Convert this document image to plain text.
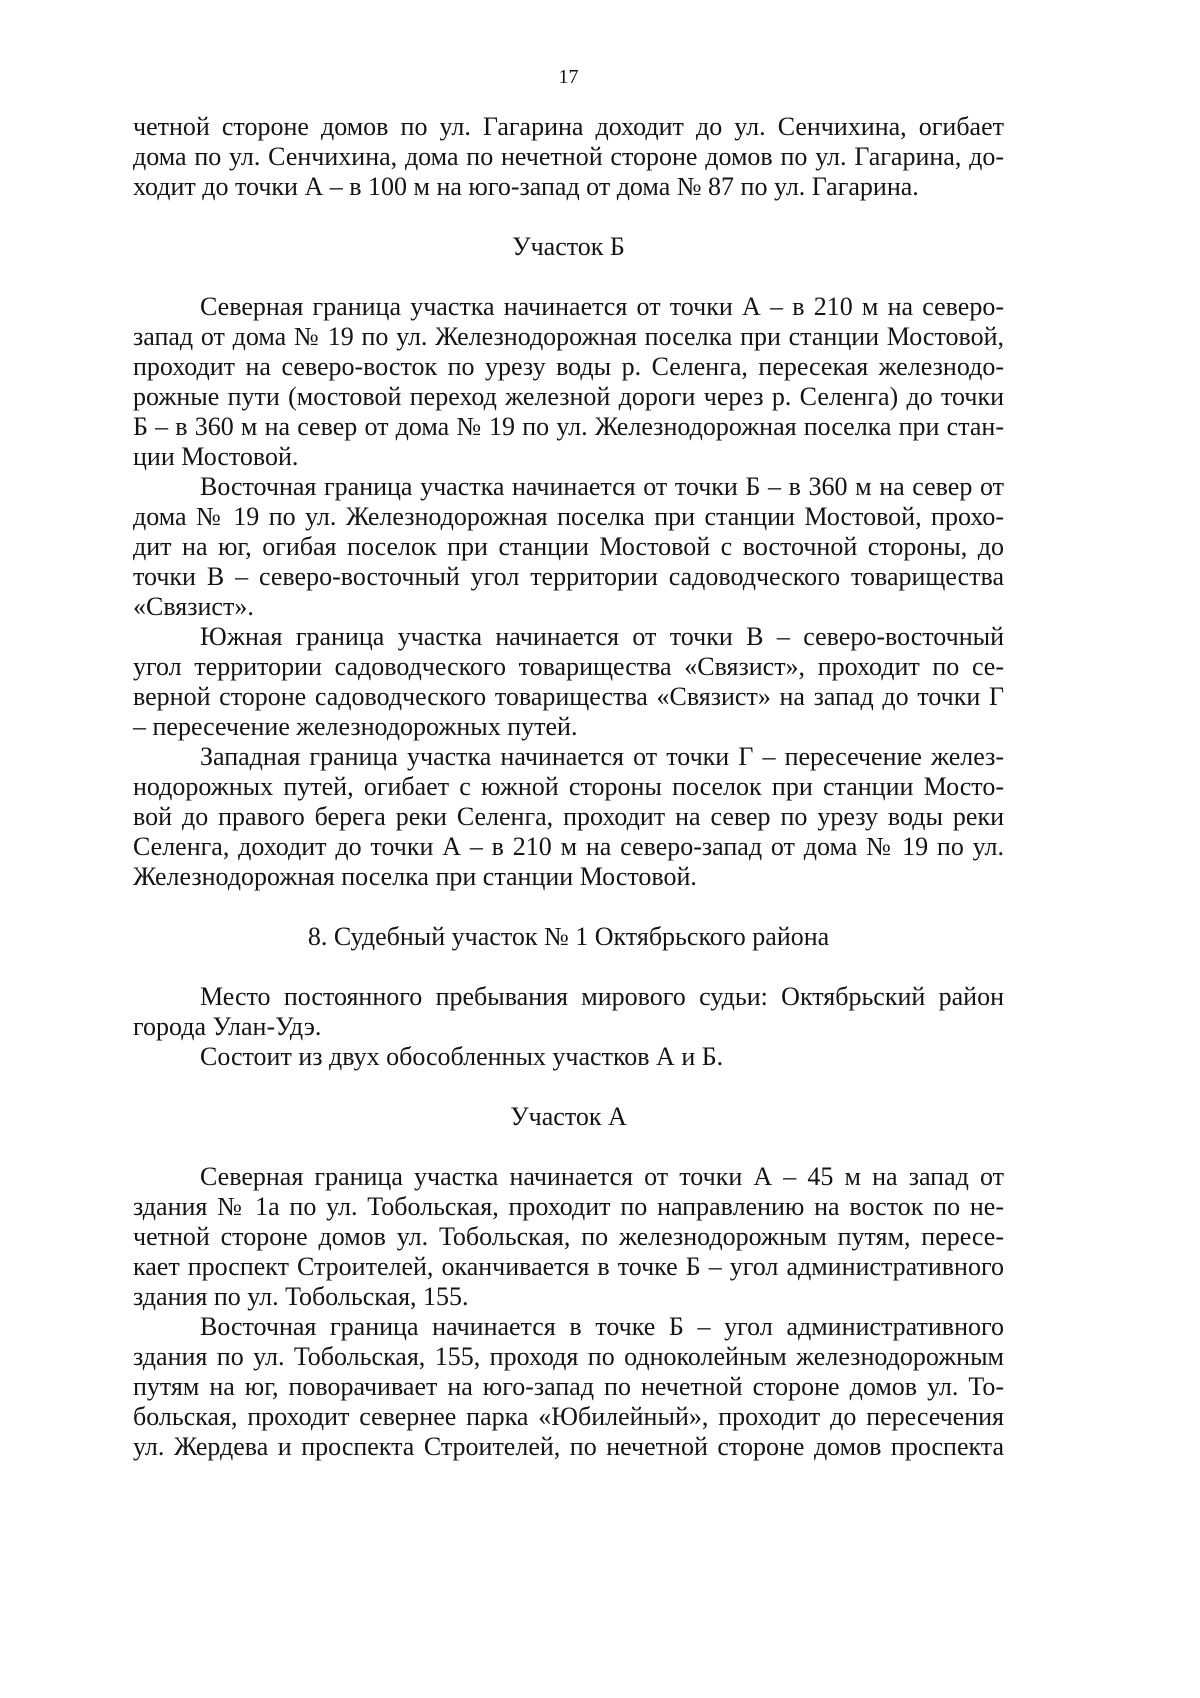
17
четной стороне домов по ул. Гагарина доходит до ул. Сенчихина, огибает
дома по ул. Сенчихина, дома по нечетной стороне домов по ул. Гагарина, до-
ходит до точки А – в 100 м на юго-запад от дома № 87 по ул. Гагарина.
Участок Б
Северная граница участка начинается от точки А – в 210 м на северо-
запад от дома № 19 по ул. Железнодорожная поселка при станции Мостовой,
проходит на северо-восток по урезу воды р. Селенга, пересекая железнодо-
рожные пути (мостовой переход железной дороги через р. Селенга) до точки
Б – в 360 м на север от дома № 19 по ул. Железнодорожная поселка при стан-
ции Мостовой.
Восточная граница участка начинается от точки Б – в 360 м на север от
дома № 19 по ул. Железнодорожная поселка при станции Мостовой, прохо-
дит на юг, огибая поселок при станции Мостовой с восточной стороны, до
точки В – северо-восточный угол территории садоводческого товарищества
«Связист».
Южная граница участка начинается от точки В – северо-восточный
угол территории садоводческого товарищества «Связист», проходит по се-
верной стороне садоводческого товарищества «Связист» на запад до точки Г
– пересечение железнодорожных путей.
Западная граница участка начинается от точки Г – пересечение желез-
нодорожных путей, огибает с южной стороны поселок при станции Мосто-
вой до правого берега реки Селенга, проходит на север по урезу воды реки
Селенга, доходит до точки А – в 210 м на северо-запад от дома № 19 по ул.
Железнодорожная поселка при станции Мостовой.
8. Судебный участок № 1 Октябрьского района
Место постоянного пребывания мирового судьи: Октябрьский район
города Улан-Удэ.
Состоит из двух обособленных участков А и Б.
Участок А
Северная граница участка начинается от точки А – 45 м на запад от
здания № 1а по ул. Тобольская, проходит по направлению на восток по не-
четной стороне домов ул. Тобольская, по железнодорожным путям, пересе-
кает проспект Строителей, оканчивается в точке Б – угол административного
здания по ул. Тобольская, 155.
Восточная граница начинается в точке Б – угол административного
здания по ул. Тобольская, 155, проходя по одноколейным железнодорожным
путям на юг, поворачивает на юго-запад по нечетной стороне домов ул. То-
больская, проходит севернее парка «Юбилейный», проходит до пересечения
ул. Жердева и проспекта Строителей, по нечетной стороне домов проспекта
